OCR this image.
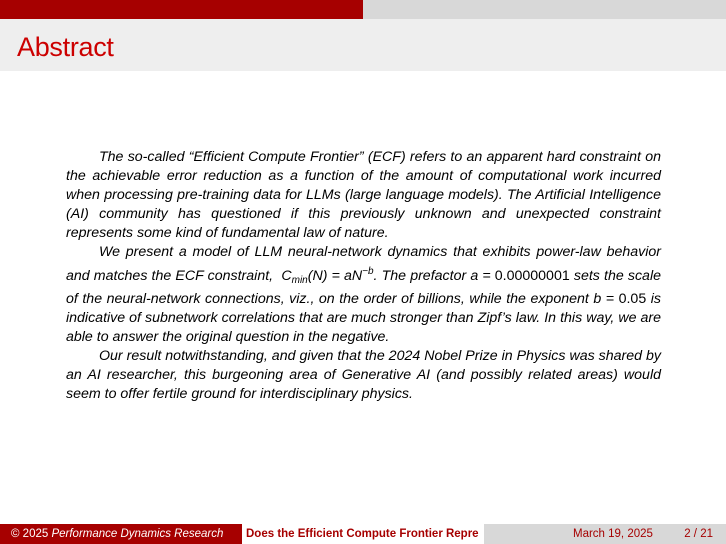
Abstract

The so-called “Efficient Compute Frontier” (ECF) refers to an apparent hard constraint on the achievable error reduction as a function of the amount of computational work incurred when processing pre-training data for LLMs (large language models). The Artificial Intelligence (AI) community has questioned if this previously unknown and unexpected constraint represents some kind of fundamental law of nature.

We present a model of LLM neural-network dynamics that exhibits power-law behavior and matches the ECF constraint, $C_{min}(N) = aN^{-b}$. The prefactor a = 0.00000001 sets the scale of the neural-network connections, viz., on the order of billions, while the exponent b = 0.05 is indicative of subnetwork correlations that are much stronger than Zipf’s law. In this way, we are able to answer the original question in the negative.

Our result notwithstanding, and given that the 2024 Nobel Prize in Physics was shared by an AI researcher, this burgeoning area of Generative AI (and possibly related areas) would seem to offer fertile ground for interdisciplinary physics.

© 2025 Performance Dynamics Research	Does the Efficient Compute Frontier Repre	March 19, 2025	2 / 21
